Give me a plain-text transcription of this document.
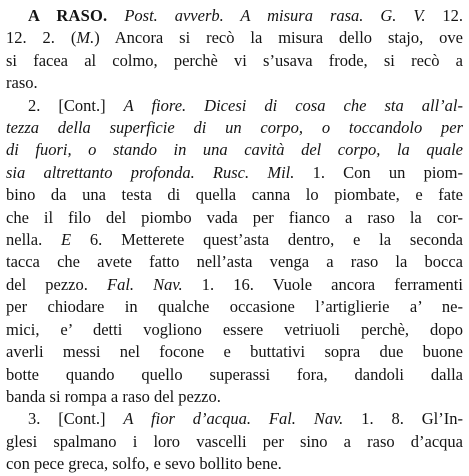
A RASO. Post. avverb. A misura rasa. G. V. 12.
12. 2. (M.) Ancora si recò la misura dello stajo, ove
si facea al colmo, perchè vi s’usava frode, si recò a
raso.
2. [Cont.] A fiore. Dicesi di cosa che sta all’al-
tezza della superficie di un corpo, o toccandolo per
di fuori, o stando in una cavità del corpo, la quale
sia altrettanto profonda. Rusc. Mil. 1. Con un piom-
bino da una testa di quella canna lo piombate, e fate
che il filo del piombo vada per fianco a raso la cor-
nella. E 6. Metterete quest’asta dentro, e la seconda
tacca che avete fatto nell’asta venga a raso la bocca
del pezzo. Fal. Nav. 1. 16. Vuole ancora ferramenti
per chiodare in qualche occasione l’artiglierie a’ ne-
mici, e’ detti vogliono essere vetriuoli perchè, dopo
averli messi nel focone e buttativi sopra due buone
botte quando quello superassi fora, dandoli dalla
banda si rompa a raso del pezzo.
3. [Cont.] A fior d’acqua. Fal. Nav. 1. 8. Gl’In-
glesi spalmano i loro vascelli per sino a raso d’acqua
con pece greca, solfo, e sevo bollito bene.
